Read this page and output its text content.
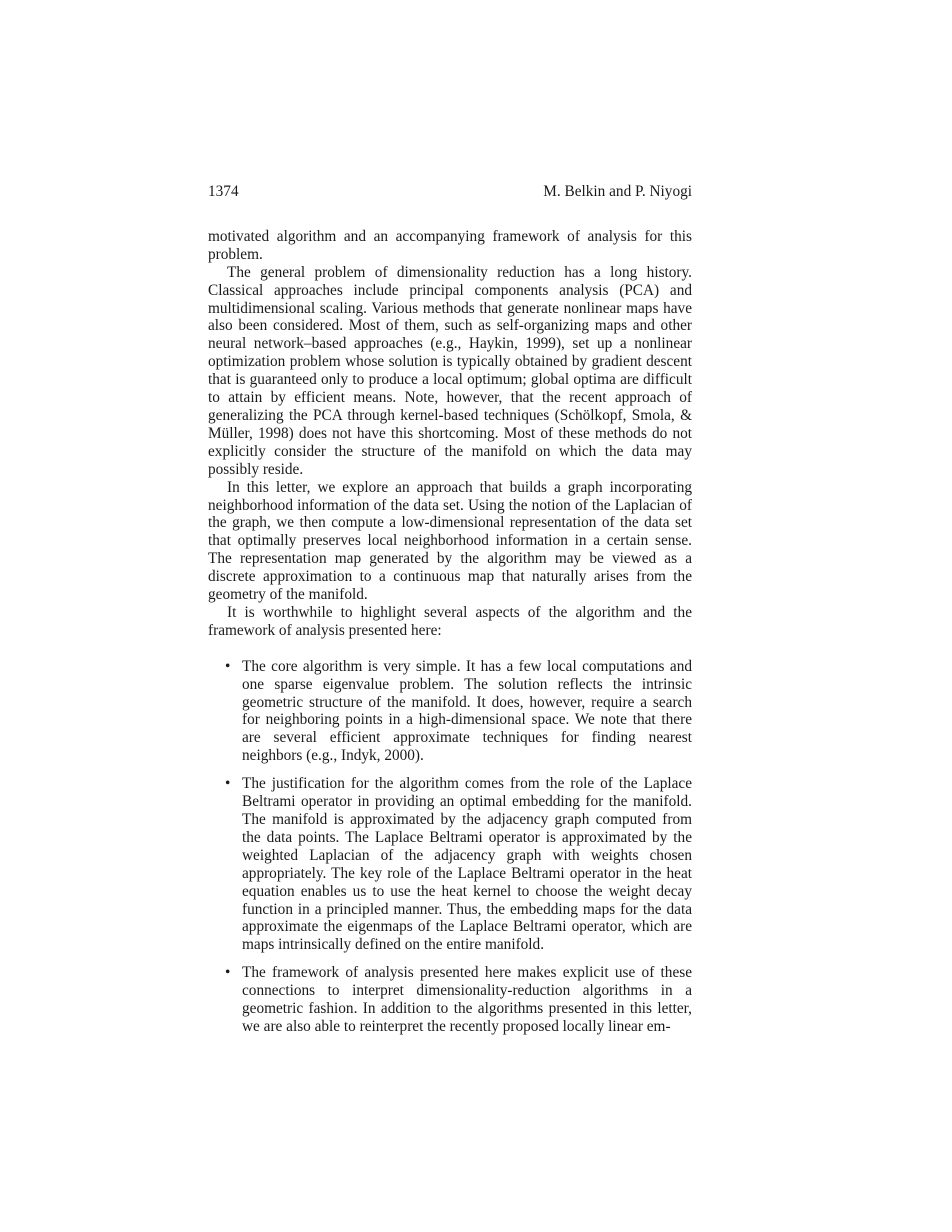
1374	M. Belkin and P. Niyogi

motivated algorithm and an accompanying framework of analysis for this problem.

The general problem of dimensionality reduction has a long history. Classical approaches include principal components analysis (PCA) and multidimensional scaling. Various methods that generate nonlinear maps have also been considered. Most of them, such as self-organizing maps and other neural network–based approaches (e.g., Haykin, 1999), set up a nonlinear optimization problem whose solution is typically obtained by gradient descent that is guaranteed only to produce a local optimum; global optima are difficult to attain by efficient means. Note, however, that the recent approach of generalizing the PCA through kernel-based techniques (Schölkopf, Smola, & Müller, 1998) does not have this shortcoming. Most of these methods do not explicitly consider the structure of the manifold on which the data may possibly reside.

In this letter, we explore an approach that builds a graph incorporating neighborhood information of the data set. Using the notion of the Laplacian of the graph, we then compute a low-dimensional representation of the data set that optimally preserves local neighborhood information in a certain sense. The representation map generated by the algorithm may be viewed as a discrete approximation to a continuous map that naturally arises from the geometry of the manifold.

It is worthwhile to highlight several aspects of the algorithm and the framework of analysis presented here:

• The core algorithm is very simple. It has a few local computations and one sparse eigenvalue problem. The solution reflects the intrinsic geometric structure of the manifold. It does, however, require a search for neighboring points in a high-dimensional space. We note that there are several efficient approximate techniques for finding nearest neighbors (e.g., Indyk, 2000).
• The justification for the algorithm comes from the role of the Laplace Beltrami operator in providing an optimal embedding for the manifold. The manifold is approximated by the adjacency graph computed from the data points. The Laplace Beltrami operator is approximated by the weighted Laplacian of the adjacency graph with weights chosen appropriately. The key role of the Laplace Beltrami operator in the heat equation enables us to use the heat kernel to choose the weight decay function in a principled manner. Thus, the embedding maps for the data approximate the eigenmaps of the Laplace Beltrami operator, which are maps intrinsically defined on the entire manifold.
• The framework of analysis presented here makes explicit use of these connections to interpret dimensionality-reduction algorithms in a geometric fashion. In addition to the algorithms presented in this letter, we are also able to reinterpret the recently proposed locally linear em-
